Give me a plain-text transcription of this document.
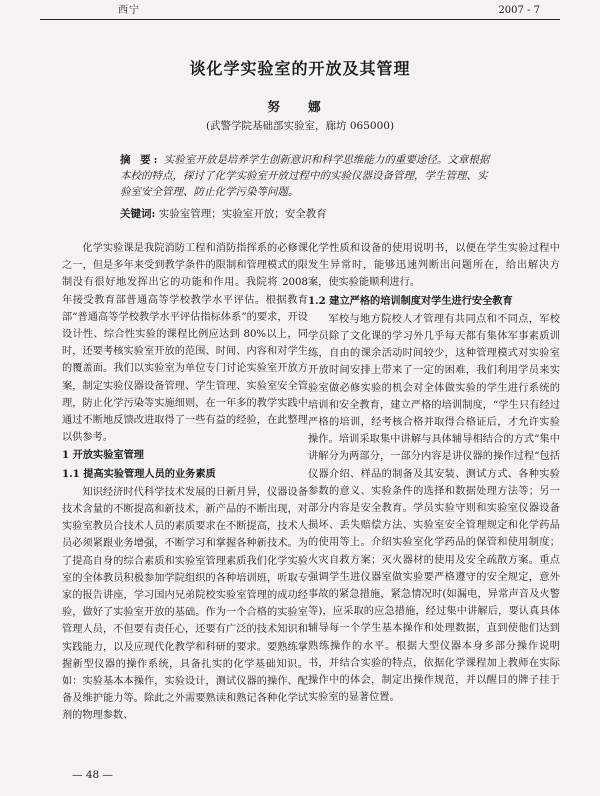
西宁	2007 - 7
谈化学实验室的开放及其管理
努 娜
(武警学院基础部实验室，廊坊 065000)
摘 要: 实验室开放是培养学生创新意识和科学思维能力的重要途径。文章根据本校的特点，探讨了化学实验室开放过程中的实验仪器设备管理，学生管理、实验室安全管理、防止化学污染等问题。
关键词: 实验室管理；实验室开放；安全教育

化学实验课是我院消防工程和消防指挥系的必修课之一，但是多年来受到教学条件的限制和管理模式的限制没有很好地发挥出它的功能和作用。我院将 2008 年接受教育部普通高等学校教学水平评估。根据教育部“普通高等学校教学水平评估指标体系”的要求，开设设计性、综合性实验的课程比例应达到 80%以上，同时，还要考核实验室开放的范围、时间、内容和对学生的覆盖面。我们以实验室为单位专门讨论实验室开放方案，制定实验仪器设备管理、学生管理、实验室安全管理，防止化学污染等实施细则，在一年多的教学实践中通过不断地反馈改进取得了一些有益的经验，在此整理以供参考。

1 开放实验室管理

1.1 提高实验管理人员的业务素质

知识经济时代科学技术发展的日新月异，仪器设备技术含量的不断提高和新技术，新产品的不断出现，对实验室教员合技术人员的素质要求在不断提高，技术人员必须紧跟业务增强，不断学习和掌握各种新技术。为了提高自身的综合素质和实验室管理素质我们化学实验室的全体教员积极参加学院组织的各种培训班，听取专家的报告讲座，学习国内兄弟院校实验室管理的成功经验，做好了实验室开放的基础。作为一个合格的实验室管理人员，不但要有责任心，还要有广泛的技术知识和实践能力，以及应现代化教学和科研的要求。要熟练掌握新型仪器的操作系统，具备扎实的化学基础知识。如：实验基本本操作，实验设计，测试仪器的操作、配备及维护能力等。除此之外需要熟读和熟记各种化学试剂的物理参数、

化学性质和设备的使用说明书，以便在学生实验过程中发生异常时，能够迅速判断出问题所在，给出解决方案，使实验能顺利进行。

1.2 建立严格的培训制度对学生进行安全教育

军校与地方院校人才管理有共同点和不同点，军校学员除了文化课的学习外几乎每天都有集体军事素质训练，自由的课余活动时间较少，这种管理模式对实验室开放时间安排上带来了一定的困难，我们利用学员来实验室做必修实验的机会对全体做实验的学生进行系统的培训和安全教育，建立严格的培训制度，“学生只有经过严格的培训，经考核合格并取得合格证后，才允许实验操作。培训采取集中讲解与具体辅导相结合的方式”集中讲解分为两部分，一部分内容是讲仪器的操作过程“包括仪器介绍、样品的制备及其安装、测试方式、各种实验参数的意义、实验条件的选择和数据处理方法等；另一部分内容是安全教育。学员实验守则和实验室仪器设备损坏、丢失赔偿方法、实验室安全管理规定和化学药品的使用等上。介绍实验室化学药品的保管和使用制度；火灾自救方案；灭火器材的使用及安全疏散方案。重点强调学生进仪器室做实验要严格遵守的安全规定，意外事故的紧急措施，紧急情况时(如漏电，异常声音及火警等)，应采取的应急措施，经过集中讲解后，要认真具体辅导每一个学生基本操作和处理数据，直到使他们达到熟练操作的水平。根据大型仪器本身多部分操作说明书，并结合实验的特点，依据化学课程加上教师在实际操作中的体会，制定出操作规范，并以醒目的牌子挂于实验室的显著位置。

— 48 —
